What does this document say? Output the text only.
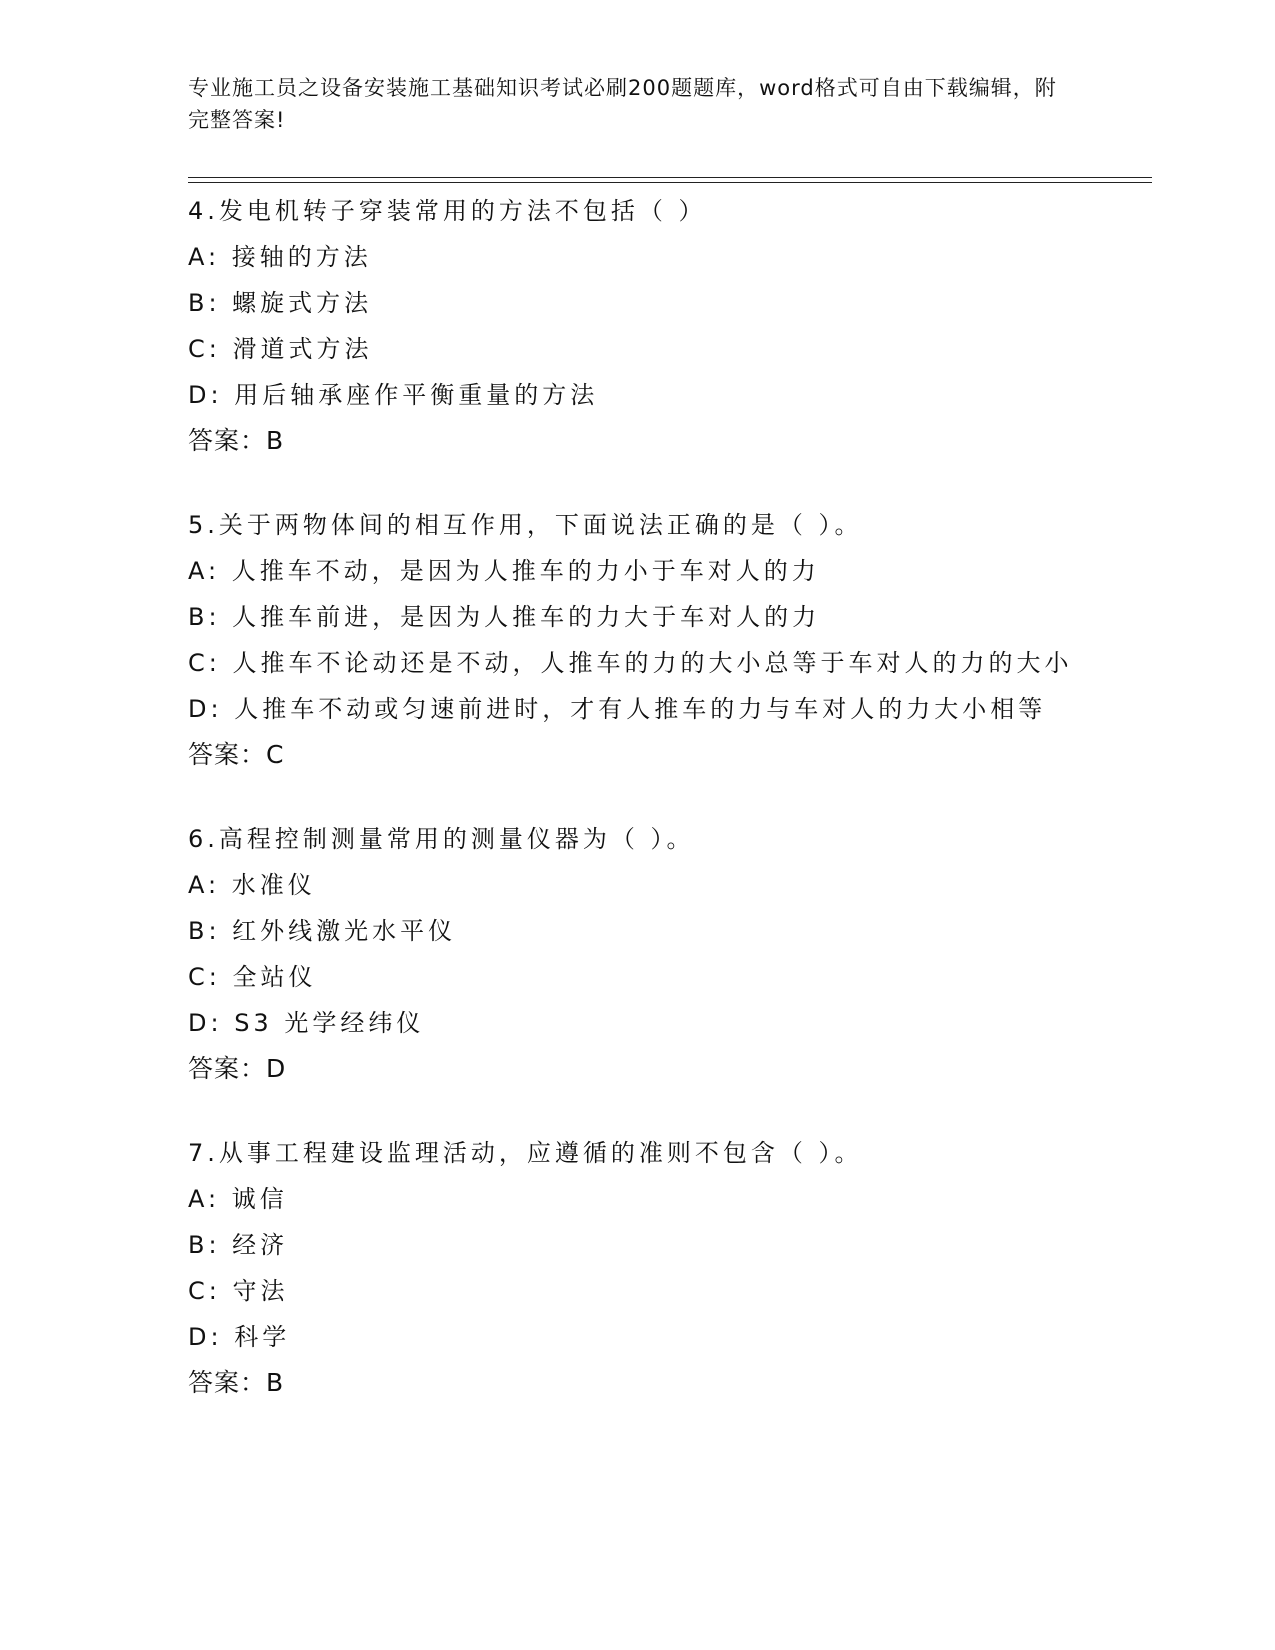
专业施工员之设备安装施工基础知识考试必刷200题题库，word格式可自由下载编辑，附完整答案!
4.发电机转子穿装常用的方法不包括（ ）
A: 接轴的方法
B: 螺旋式方法
C: 滑道式方法
D: 用后轴承座作平衡重量的方法
答案：B
5.关于两物体间的相互作用，下面说法正确的是（ ）。
A: 人推车不动，是因为人推车的力小于车对人的力
B: 人推车前进，是因为人推车的力大于车对人的力
C: 人推车不论动还是不动，人推车的力的大小总等于车对人的力的大小
D: 人推车不动或匀速前进时，才有人推车的力与车对人的力大小相等
答案：C
6.高程控制测量常用的测量仪器为（ ）。
A: 水准仪
B: 红外线激光水平仪
C: 全站仪
D: S3 光学经纬仪
答案：D
7.从事工程建设监理活动，应遵循的准则不包含（ ）。
A: 诚信
B: 经济
C: 守法
D: 科学
答案：B
